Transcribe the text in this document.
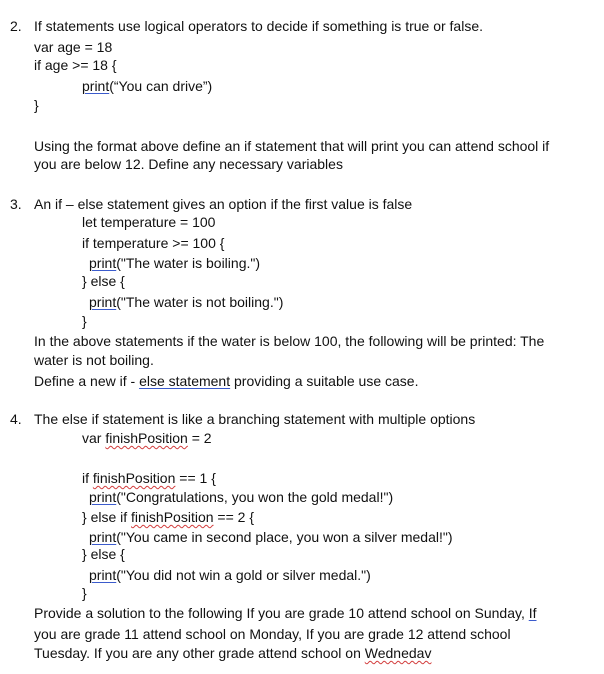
2. If statements use logical operators to decide if something is true or false.
var age = 18
if age >= 18 {
print(“You can drive”)
}
Using the format above define an if statement that will print you can attend school if
you are below 12. Define any necessary variables
3. An if – else statement gives an option if the first value is false
let temperature = 100
if temperature >= 100 {
print("The water is boiling.")
} else {
print("The water is not boiling.")
}
In the above statements if the water is below 100, the following will be printed: The
water is not boiling.
Define a new if - else statement providing a suitable use case.
4. The else if statement is like a branching statement with multiple options
var finishPosition = 2
if finishPosition == 1 {
print("Congratulations, you won the gold medal!")
} else if finishPosition == 2 {
print("You came in second place, you won a silver medal!")
} else {
print("You did not win a gold or silver medal.")
}
Provide a solution to the following If you are grade 10 attend school on Sunday, If
you are grade 11 attend school on Monday, If you are grade 12 attend school
Tuesday. If you are any other grade attend school on Wednedav
